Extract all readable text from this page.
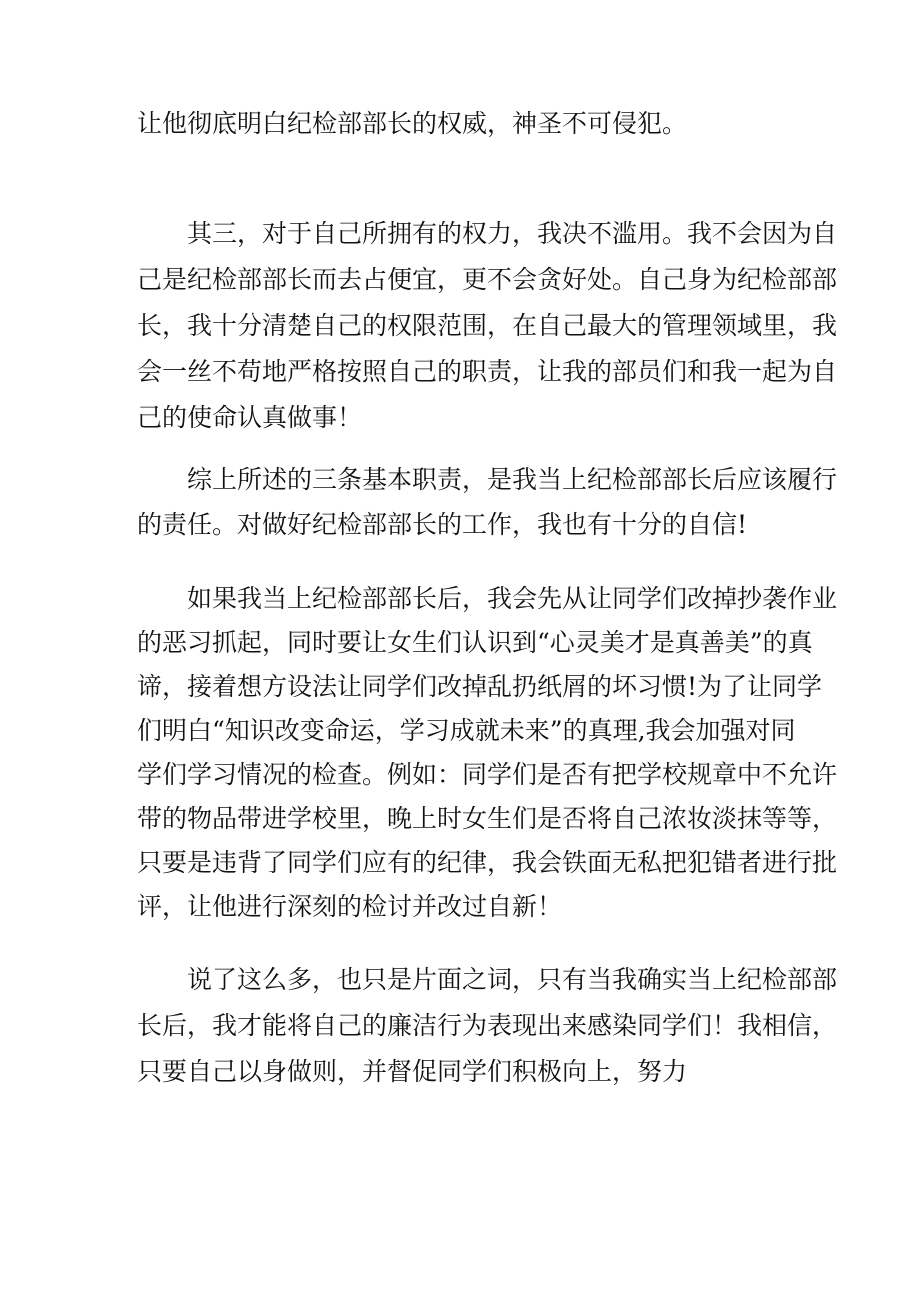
让他彻底明白纪检部部长的权威，神圣不可侵犯。
其三，对于自己所拥有的权力，我决不滥用。我不会因为自
己是纪检部部长而去占便宜，更不会贪好处。自己身为纪检部部
长，我十分清楚自己的权限范围，在自己最大的管理领域里，我
会一丝不苟地严格按照自己的职责，让我的部员们和我一起为自
己的使命认真做事！
综上所述的三条基本职责，是我当上纪检部部长后应该履行
的责任。对做好纪检部部长的工作，我也有十分的自信!
如果我当上纪检部部长后，我会先从让同学们改掉抄袭作业
的恶习抓起，同时要让女生们认识到“心灵美才是真善美”的真
谛，接着想方设法让同学们改掉乱扔纸屑的坏习惯!为了让同学
们明白“知识改变命运，学习成就未来”的真理,我会加强对同
学们学习情况的检查。例如：同学们是否有把学校规章中不允许
带的物品带进学校里，晚上时女生们是否将自己浓妆淡抹等等，
只要是违背了同学们应有的纪律，我会铁面无私把犯错者进行批
评，让他进行深刻的检讨并改过自新！
说了这么多，也只是片面之词，只有当我确实当上纪检部部
长后，我才能将自己的廉洁行为表现出来感染同学们！我相信，
只要自己以身做则，并督促同学们积极向上，努力
